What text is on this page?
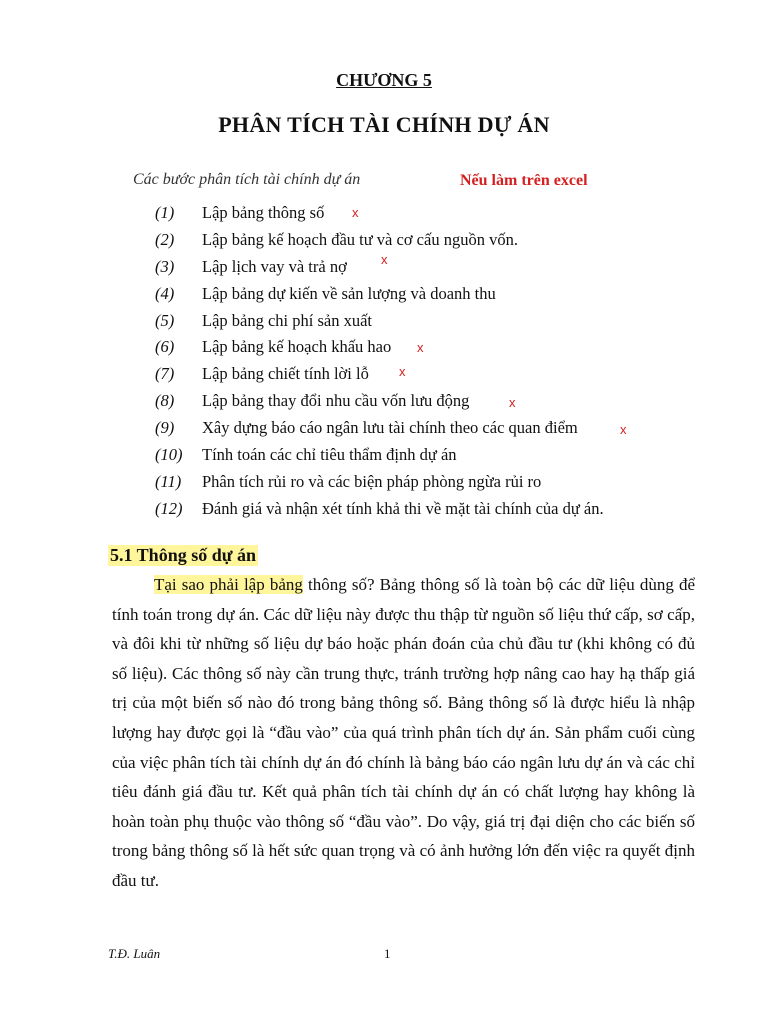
CHƯƠNG 5
PHÂN TÍCH TÀI CHÍNH DỰ ÁN
Các bước phân tích tài chính dự án	Nếu làm trên excel
(1) Lập bảng thông số
(2) Lập bảng kế hoạch đầu tư và cơ cấu nguồn vốn.
(3) Lập lịch vay và trả nợ
(4) Lập bảng dự kiến về sản lượng và doanh thu
(5) Lập bảng chi phí sản xuất
(6) Lập bảng kế hoạch khấu hao
(7) Lập bảng chiết tính lời lỗ
(8) Lập bảng thay đổi nhu cầu vốn lưu động
(9) Xây dựng báo cáo ngân lưu tài chính theo các quan điểm
(10) Tính toán các chỉ tiêu thẩm định dự án
(11) Phân tích rủi ro và các biện pháp phòng ngừa rủi ro
(12) Đánh giá và nhận xét tính khả thi về mặt tài chính của dự án.
x
x
x
x
x
x
5.1 Thông số dự án

Tại sao phải lập bảng thông số? Bảng thông số là toàn bộ các dữ liệu dùng để tính toán trong dự án. Các dữ liệu này được thu thập từ nguồn số liệu thứ cấp, sơ cấp, và đôi khi từ những số liệu dự báo hoặc phán đoán của chủ đầu tư (khi không có đủ số liệu). Các thông số này cần trung thực, tránh trường hợp nâng cao hay hạ thấp giá trị của một biến số nào đó trong bảng thông số. Bảng thông số là được hiểu là nhập lượng hay được gọi là “đầu vào” của quá trình phân tích dự án. Sản phẩm cuối cùng của việc phân tích tài chính dự án đó chính là bảng báo cáo ngân lưu dự án và các chỉ tiêu đánh giá đầu tư. Kết quả phân tích tài chính dự án có chất lượng hay không là hoàn toàn phụ thuộc vào thông số “đầu vào”. Do vậy, giá trị đại diện cho các biến số trong bảng thông số là hết sức quan trọng và có ảnh hưởng lớn đến việc ra quyết định đầu tư.

T.Đ. Luân	1
